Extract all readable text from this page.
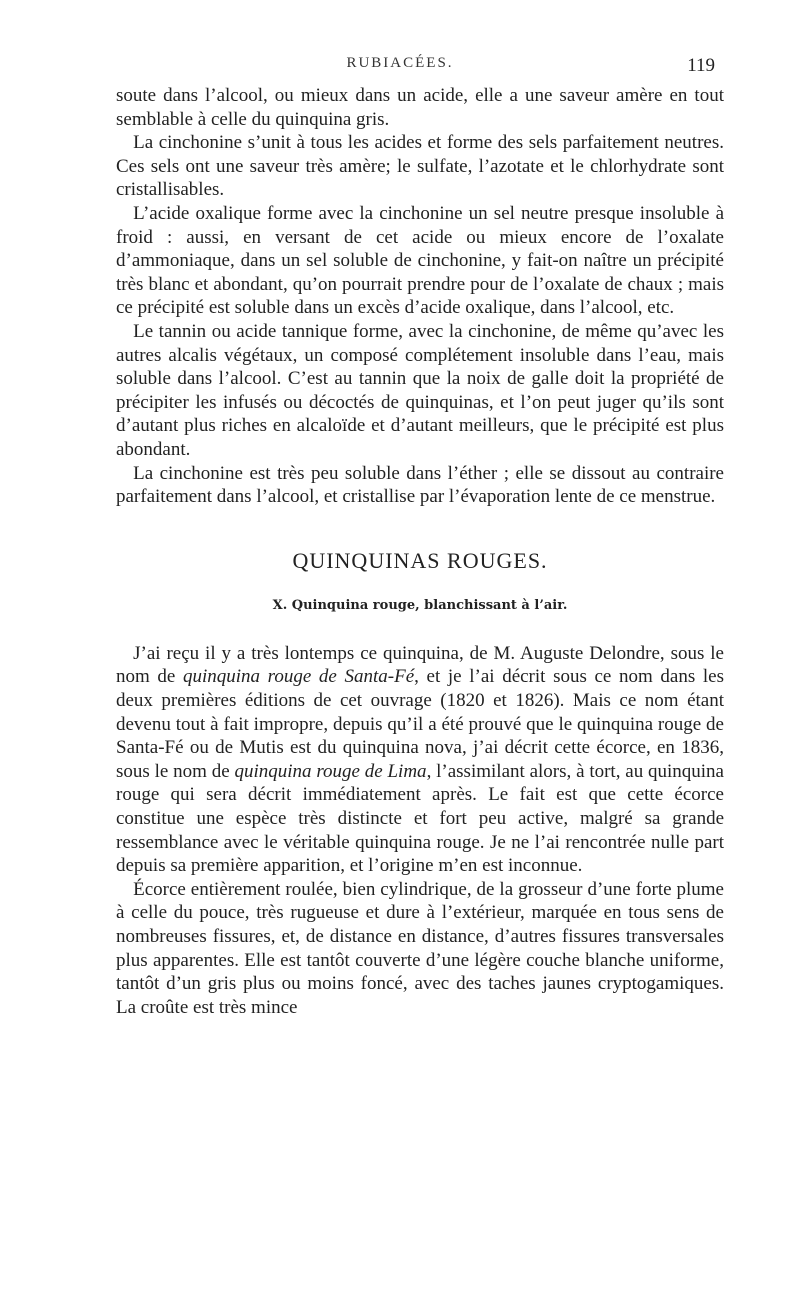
RUBIACÉES.	119

soute dans l’alcool, ou mieux dans un acide, elle a une saveur amère en tout semblable à celle du quinquina gris.

La cinchonine s’unit à tous les acides et forme des sels parfaitement neutres. Ces sels ont une saveur très amère; le sulfate, l’azotate et le chlorhydrate sont cristallisables.

L’acide oxalique forme avec la cinchonine un sel neutre presque insoluble à froid : aussi, en versant de cet acide ou mieux encore de l’oxalate d’ammoniaque, dans un sel soluble de cinchonine, y fait-on naître un précipité très blanc et abondant, qu’on pourrait prendre pour de l’oxalate de chaux ; mais ce précipité est soluble dans un excès d’acide oxalique, dans l’alcool, etc.

Le tannin ou acide tannique forme, avec la cinchonine, de même qu’avec les autres alcalis végétaux, un composé complétement insoluble dans l’eau, mais soluble dans l’alcool. C’est au tannin que la noix de galle doit la propriété de précipiter les infusés ou décoctés de quinquinas, et l’on peut juger qu’ils sont d’autant plus riches en alcaloïde et d’autant meilleurs, que le précipité est plus abondant.

La cinchonine est très peu soluble dans l’éther ; elle se dissout au contraire parfaitement dans l’alcool, et cristallise par l’évaporation lente de ce menstrue.

QUINQUINAS ROUGES.
X. Quinquina rouge, blanchissant à l’air.

J’ai reçu il y a très lontemps ce quinquina, de M. Auguste Delondre, sous le nom de quinquina rouge de Santa-Fé, et je l’ai décrit sous ce nom dans les deux premières éditions de cet ouvrage (1820 et 1826). Mais ce nom étant devenu tout à fait impropre, depuis qu’il a été prouvé que le quinquina rouge de Santa-Fé ou de Mutis est du quinquina nova, j’ai décrit cette écorce, en 1836, sous le nom de quinquina rouge de Lima, l’assimilant alors, à tort, au quinquina rouge qui sera décrit immédiatement après. Le fait est que cette écorce constitue une espèce très distincte et fort peu active, malgré sa grande ressemblance avec le véritable quinquina rouge. Je ne l’ai rencontrée nulle part depuis sa première apparition, et l’origine m’en est inconnue.

Écorce entièrement roulée, bien cylindrique, de la grosseur d’une forte plume à celle du pouce, très rugueuse et dure à l’extérieur, marquée en tous sens de nombreuses fissures, et, de distance en distance, d’autres fissures transversales plus apparentes. Elle est tantôt couverte d’une légère couche blanche uniforme, tantôt d’un gris plus ou moins foncé, avec des taches jaunes cryptogamiques. La croûte est très mince
